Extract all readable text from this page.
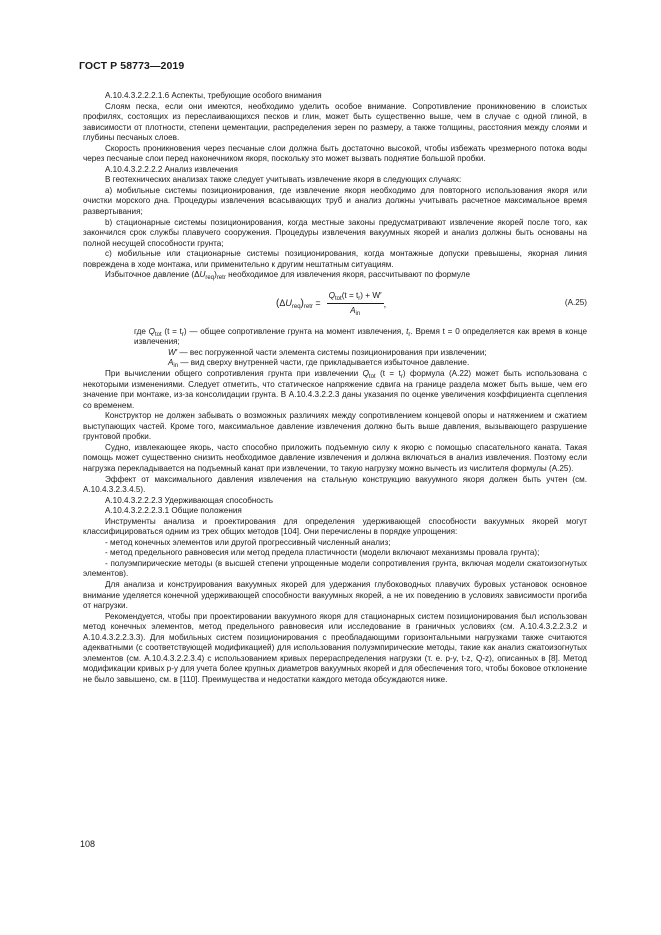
ГОСТ Р 58773—2019

А.10.4.3.2.2.2.1.6 Аспекты, требующие особого внимания

Слоям песка, если они имеются, необходимо уделить особое внимание. Сопротивление проникновению в слоистых профилях, состоящих из переслаивающихся песков и глин, может быть существенно выше, чем в случае с одной глиной, в зависимости от плотности, степени цементации, распределения зерен по размеру, а также толщины, расстояния между слоями и глубины песчаных слоев.

Скорость проникновения через песчаные слои должна быть достаточно высокой, чтобы избежать чрезмерного потока воды через песчаные слои перед наконечником якоря, поскольку это может вызвать поднятие большой пробки.

А.10.4.3.2.2.2.2 Анализ извлечения

В геотехнических анализах также следует учитывать извлечение якоря в следующих случаях:

a) мобильные системы позиционирования, где извлечение якоря необходимо для повторного использования якоря или очистки морского дна. Процедуры извлечения всасывающих труб и анализ должны учитывать расчетное максимальное время развертывания;

b) стационарные системы позиционирования, когда местные законы предусматривают извлечение якорей после того, как закончился срок службы плавучего сооружения. Процедуры извлечения вакуумных якорей и анализ должны быть основаны на полной несущей способности грунта;

c) мобильные или стационарные системы позиционирования, когда монтажные допуски превышены, якорная линия повреждена в ходе монтажа, или применительно к другим нештатным ситуациям.

Избыточное давление $(\Delta U_{req})_{retr}$ необходимое для извлечения якоря, рассчитывают по формуле

$(\Delta U_{req})_{retr} = \frac{Q_{tot}(t = t_r) + W'}{A_{in}}$ ,	(А.25)

где $Q_{tot}$ $(t = t_r)$ — общее сопротивление грунта на момент извлечения, $t_r$. Время t = 0 определяется как время в конце извлечения;

W′ — вес погруженной части элемента системы позиционирования при извлечении;

$A_{in}$ — вид сверху внутренней части, где прикладывается избыточное давление.

При вычислении общего сопротивления грунта при извлечении $Q_{tot}$ $(t = t_r)$ формула (А.22) может быть использована с некоторыми изменениями. Следует отметить, что статическое напряжение сдвига на границе раздела может быть выше, чем его значение при монтаже, из-за консолидации грунта. В А.10.4.3.2.2.3 даны указания по оценке увеличения коэффициента сцепления со временем.

Конструктор не должен забывать о возможных различиях между сопротивлением концевой опоры и натяжением и сжатием выступающих частей. Кроме того, максимальное давление извлечения должно быть выше давления, вызывающего разрушение грунтовой пробки.

Судно, извлекающее якорь, часто способно приложить подъемную силу к якорю с помощью спасательного каната. Такая помощь может существенно снизить необходимое давление извлечения и должна включаться в анализ извлечения. Поэтому если нагрузка перекладывается на подъемный канат при извлечении, то такую нагрузку можно вычесть из числителя формулы (А.25).

Эффект от максимального давления извлечения на стальную конструкцию вакуумного якоря должен быть учтен (см. А.10.4.3.2.3.4.5).

А.10.4.3.2.2.2.3 Удерживающая способность

А.10.4.3.2.2.2.3.1 Общие положения

Инструменты анализа и проектирования для определения удерживающей способности вакуумных якорей могут классифицироваться одним из трех общих методов [104]. Они перечислены в порядке упрощения:

- метод конечных элементов или другой прогрессивный численный анализ;

- метод предельного равновесия или метод предела пластичности (модели включают механизмы провала грунта);

- полуэмпирические методы (в высшей степени упрощенные модели сопротивления грунта, включая модели сжатоизогнутых элементов).

Для анализа и конструирования вакуумных якорей для удержания глубоководных плавучих буровых установок основное внимание уделяется конечной удерживающей способности вакуумных якорей, а не их поведению в условиях зависимости прогиба от нагрузки.

Рекомендуется, чтобы при проектировании вакуумного якоря для стационарных систем позиционирования был использован метод конечных элементов, метод предельного равновесия или исследование в граничных условиях (см. А.10.4.3.2.2.3.2 и А.10.4.3.2.2.3.3). Для мобильных систем позиционирования с преобладающими горизонтальными нагрузками также считаются адекватными (с соответствующей модификацией) для использования полуэмпирические методы, такие как анализ сжатоизогнутых элементов (см. А.10.4.3.2.2.3.4) с использованием кривых перераспределения нагрузки (т. е. p-y, t-z, Q-z), описанных в [8]. Метод модификации кривых p-y для учета более крупных диаметров вакуумных якорей и для обеспечения того, чтобы боковое отклонение не было завышено, см. в [110]. Преимущества и недостатки каждого метода обсуждаются ниже.

108
